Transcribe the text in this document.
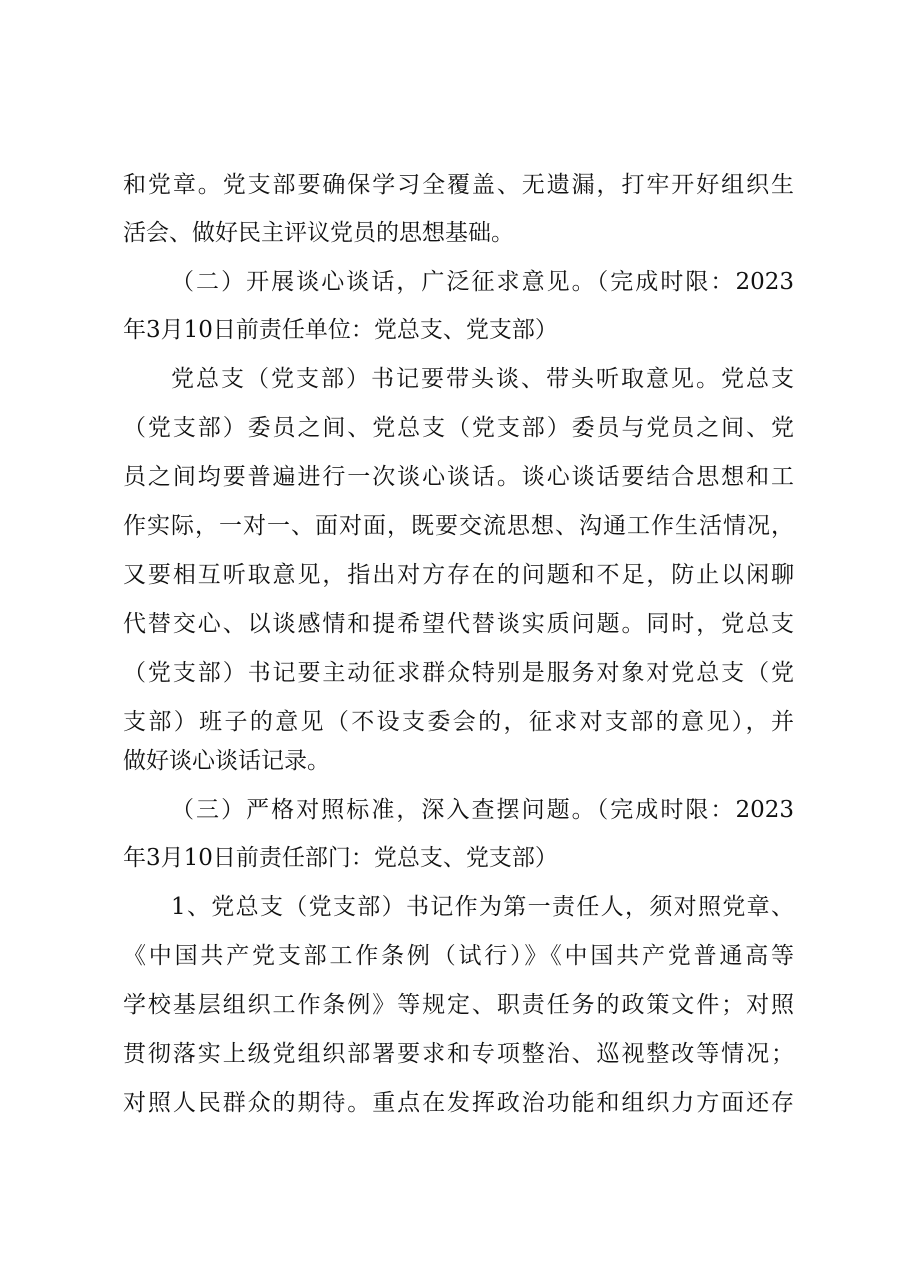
和党章。党支部要确保学习全覆盖、无遗漏，打牢开好组织生

活会、做好民主评议党员的思想基础。

（二）开展谈心谈话，广泛征求意见。（完成时限：2023

年3月10日前责任单位：党总支、党支部）

党总支（党支部）书记要带头谈、带头听取意见。党总支

（党支部）委员之间、党总支（党支部）委员与党员之间、党

员之间均要普遍进行一次谈心谈话。谈心谈话要结合思想和工

作实际，一对一、面对面，既要交流思想、沟通工作生活情况，

又要相互听取意见，指出对方存在的问题和不足，防止以闲聊

代替交心、以谈感情和提希望代替谈实质问题。同时，党总支

（党支部）书记要主动征求群众特别是服务对象对党总支（党

支部）班子的意见（不设支委会的，征求对支部的意见），并

做好谈心谈话记录。

（三）严格对照标准，深入查摆问题。（完成时限：2023

年3月10日前责任部门：党总支、党支部）

1、党总支（党支部）书记作为第一责任人，须对照党章、

《中国共产党支部工作条例（试行）》《中国共产党普通高等

学校基层组织工作条例》等规定、职责任务的政策文件；对照

贯彻落实上级党组织部署要求和专项整治、巡视整改等情况；

对照人民群众的期待。重点在发挥政治功能和组织力方面还存
